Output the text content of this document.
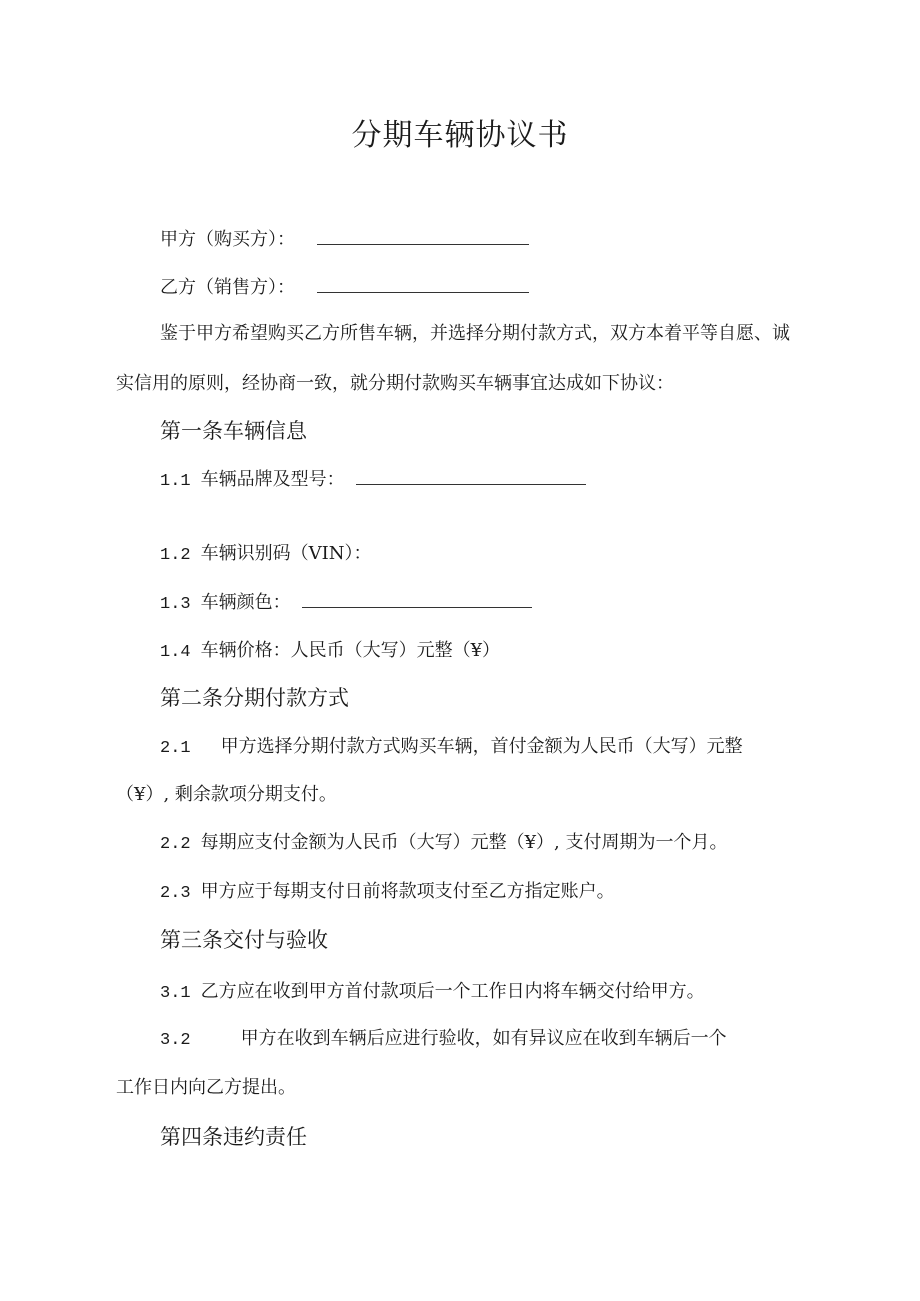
分期车辆协议书
甲方（购买方）：
乙方（销售方）：
鉴于甲方希望购买乙方所售车辆，并选择分期付款方式，双方本着平等自愿、诚
实信用的原则，经协商一致，就分期付款购买车辆事宜达成如下协议：
第一条车辆信息
1.1 车辆品牌及型号：
1.2 车辆识别码（VIN）：
1.3 车辆颜色：
1.4 车辆价格：人民币（大写）元整（¥）
第二条分期付款方式
2.1 甲方选择分期付款方式购买车辆，首付金额为人民币（大写）元整
（¥）, 剩余款项分期支付。
2.2 每期应支付金额为人民币（大写）元整（¥）, 支付周期为一个月。
2.3 甲方应于每期支付日前将款项支付至乙方指定账户。
第三条交付与验收
3.1 乙方应在收到甲方首付款项后一个工作日内将车辆交付给甲方。
3.2	甲方在收到车辆后应进行验收，如有异议应在收到车辆后一个
工作日内向乙方提出。
第四条违约责任
